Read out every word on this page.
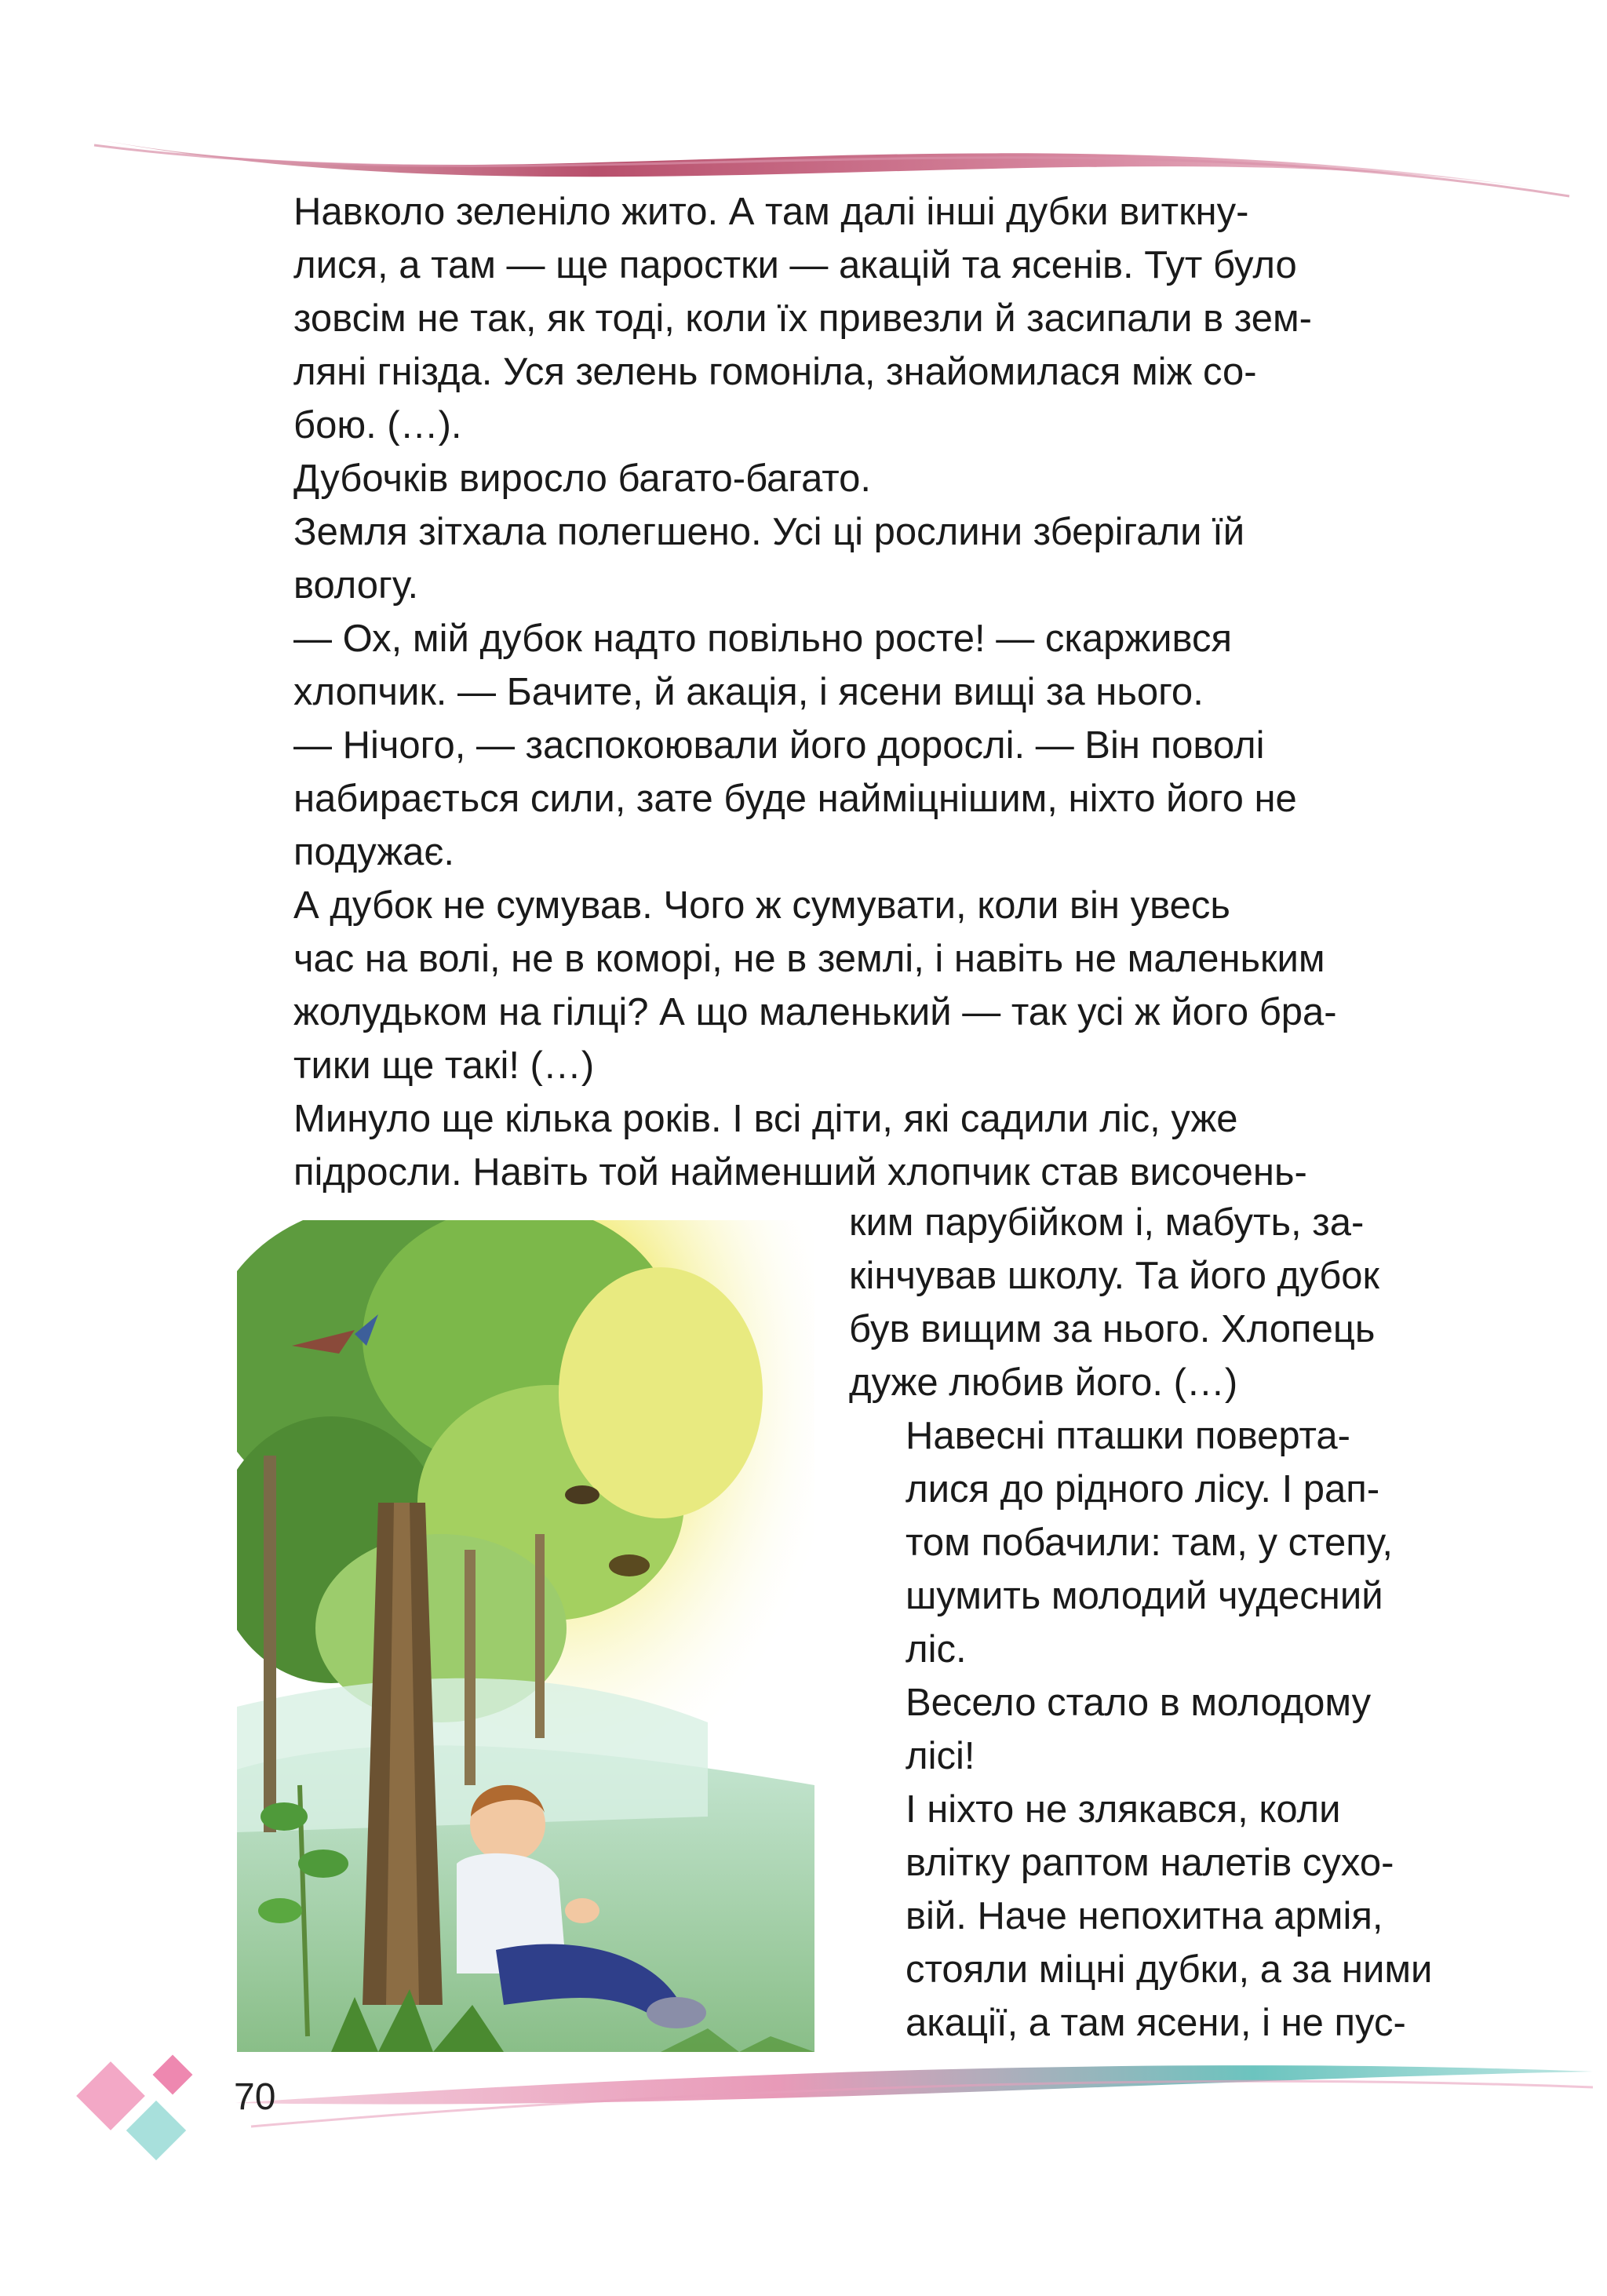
Навколо зеленіло жито. А там далі інші дубки виткну-
лися, а там — ще паростки — акацій та ясенів. Тут було
зовсім не так, як тоді, коли їх привезли й засипали в зем-
ляні гнізда. Уся зелень гомоніла, знайомилася між со-
бою. (…).

Дубочків виросло багато-багато.

Земля зітхала полегшено. Усі ці рослини зберігали їй
вологу.

— Ох, мій дубок надто повільно росте! — скаржився
хлопчик. — Бачите, й акація, і ясени вищі за нього.

— Нічого, — заспокоювали його дорослі. — Він поволі
набирається сили, зате буде найміцнішим, ніхто його не
подужає.

А дубок не сумував. Чого ж сумувати, коли він увесь
час на волі, не в коморі, не в землі, і навіть не маленьким
жолудьком на гілці? А що маленький — так усі ж його бра-
тики ще такі! (…)

Минуло ще кілька років. І всі діти, які садили ліс, уже
підросли. Навіть той найменший хлопчик став височень-

ким парубійком і, мабуть, за-
кінчував школу. Та його дубок
був вищим за нього. Хлопець
дуже любив його. (…)

Навесні пташки поверта-
лися до рідного лісу. І рап-
том побачили: там, у степу,
шумить молодий чудесний
ліс.

Весело стало в молодому
лісі!

І ніхто не злякався, коли
влітку раптом налетів сухо-
вій. Наче непохитна армія,
стояли міцні дубки, а за ними
акації, а там ясени, і не пус-

70
